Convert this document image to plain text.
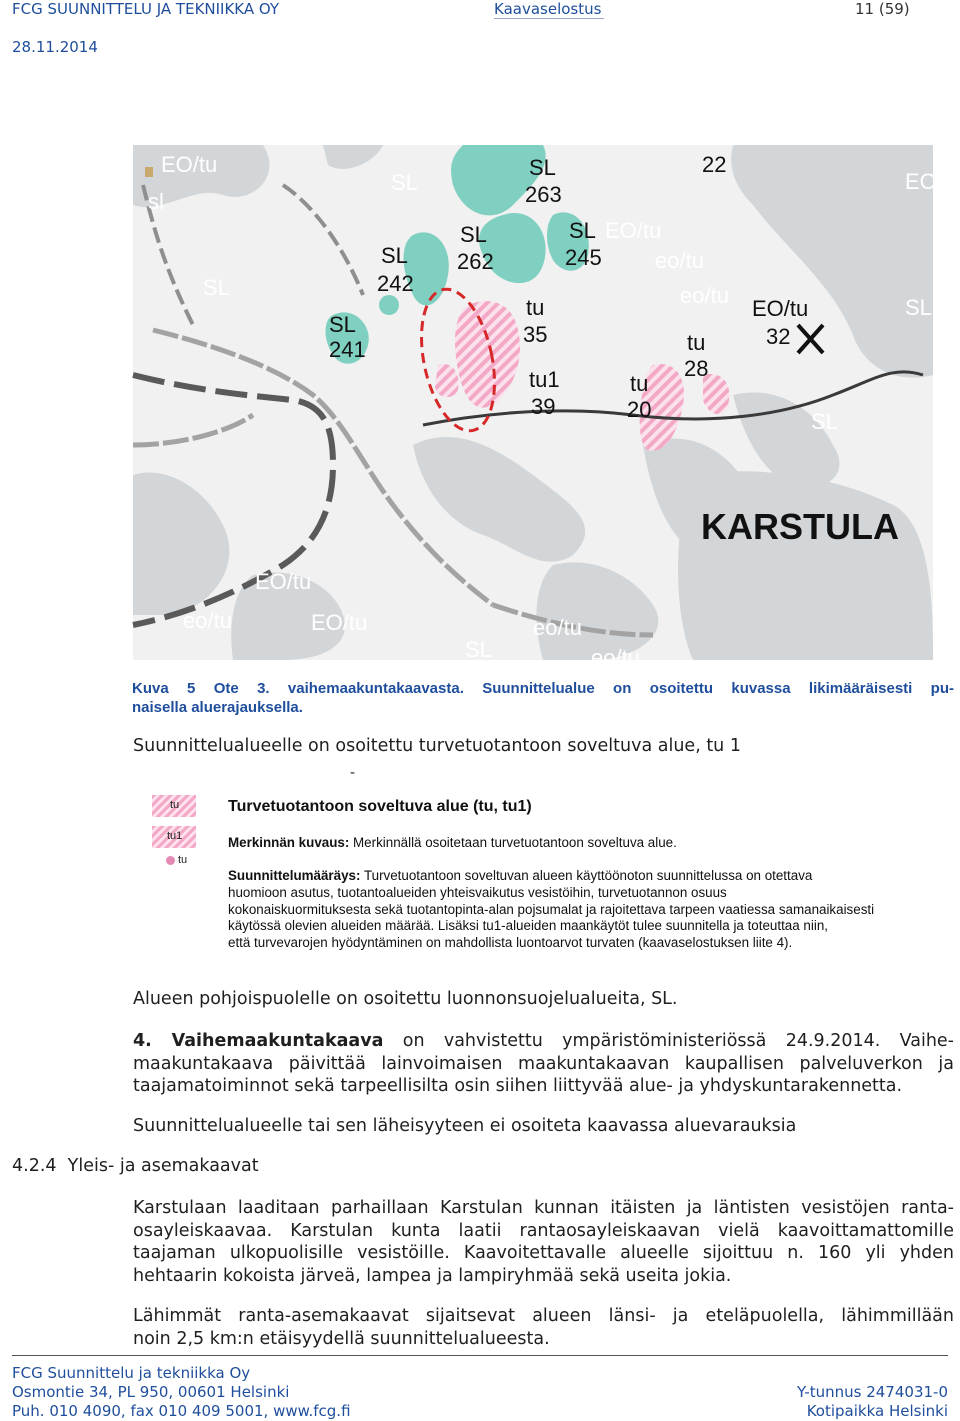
FCG SUUNNITTELU JA TEKNIIKKA OY	Kaavaselostus	11 (59)
28.11.2014
EO/tu
sl
SL
SL
EO
EO/tu
eo/tu
eo/tu	SL
SL
EO/tu
eo/tu	EO/tu	eo/tu
SL	eo/tu
SL
241
SL
242
SL
262
SL
263
SL
245
22
tu
35
tu1
39
tu
28
tu
20
EO/tu
32
KARSTULA
Kuva 5 Ote 3. vaihemaakuntakaavasta. Suunnittelualue on osoitettu kuvassa likimääräisesti pu-
naisella aluerajauksella.
Suunnittelualueelle on osoitettu turvetuotantoon soveltuva alue, tu 1
-
tu
tu1
tu
Turvetuotantoon soveltuva alue (tu, tu1)
Merkinnän kuvaus: Merkinnällä osoitetaan turvetuotantoon soveltuva alue.
Suunnittelumääräys: Turvetuotantoon soveltuvan alueen käyttöönoton suunnittelussa on otettava
huomioon asutus, tuotantoalueiden yhteisvaikutus vesistöihin, turvetuotannon osuus
kokonaiskuormituksesta sekä tuotantopinta-alan pojsumalat ja rajoitettava tarpeen vaatiessa samanaikaisesti
käytössä olevien alueiden määrää. Lisäksi tu1-alueiden maankäytöt tulee suunnitella ja toteuttaa niin,
että turvevarojen hyödyntäminen on mahdollista luontoarvot turvaten (kaavaselostuksen liite 4).
Alueen pohjoispuolelle on osoitettu luonnonsuojelualueita, SL.
4. Vaihemaakuntakaava on vahvistettu ympäristöministeriössä 24.9.2014. Vaihe-
maakuntakaava päivittää lainvoimaisen maakuntakaavan kaupallisen palveluverkon ja
taajamatoiminnot sekä tarpeellisilta osin siihen liittyvää alue- ja yhdyskuntarakennetta.
Suunnittelualueelle tai sen läheisyyteen ei osoiteta kaavassa aluevarauksia
4.2.4 Yleis- ja asemakaavat
Karstulaan laaditaan parhaillaan Karstulan kunnan itäisten ja läntisten vesistöjen ranta-
osayleiskaavaa. Karstulan kunta laatii rantaosayleiskaavan vielä kaavoittamattomille
taajaman ulkopuolisille vesistöille. Kaavoitettavalle alueelle sijoittuu n. 160 yli yhden
hehtaarin kokoista järveä, lampea ja lampiryhmää sekä useita jokia.
Lähimmät ranta-asemakaavat sijaitsevat alueen länsi- ja eteläpuolella, lähimmillään
noin 2,5 km:n etäisyydellä suunnittelualueesta.
FCG Suunnittelu ja tekniikka Oy
Osmontie 34, PL 950, 00601 Helsinki
Puh. 010 4090, fax 010 409 5001, www.fcg.fi
Y-tunnus 2474031-0
Kotipaikka Helsinki
